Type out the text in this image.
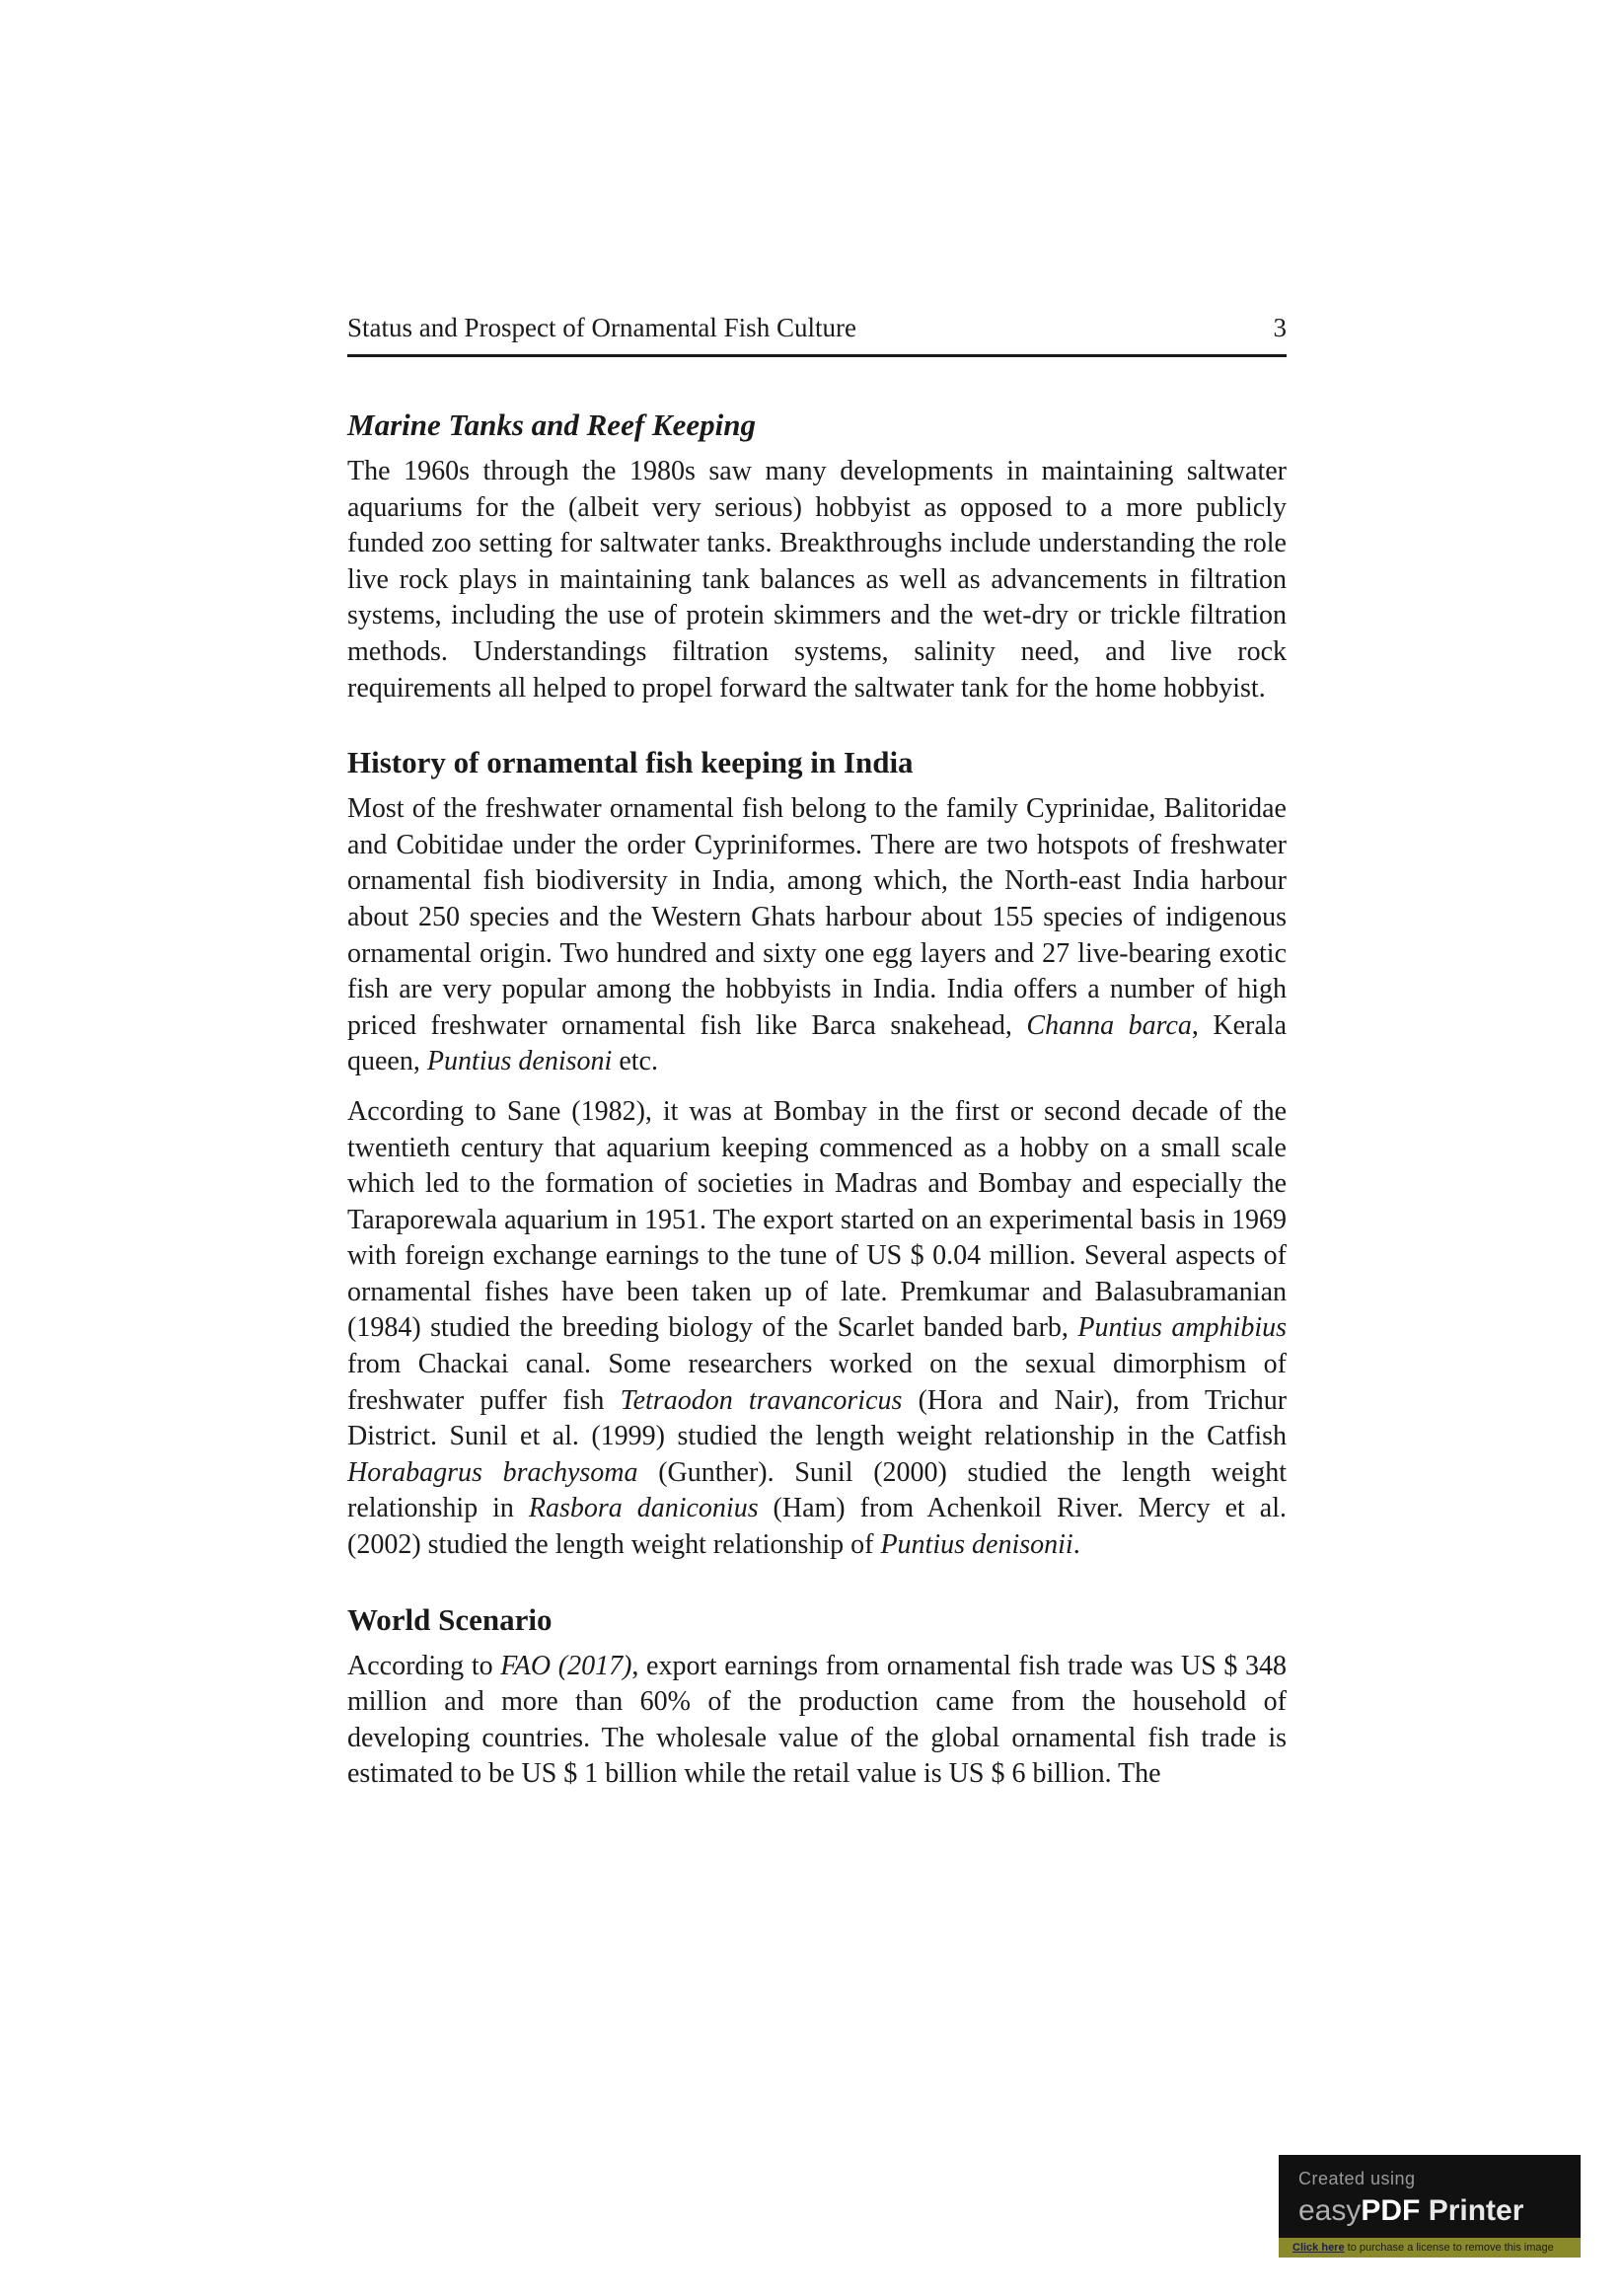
Status and Prospect of Ornamental Fish Culture	3
Marine Tanks and Reef Keeping

The 1960s through the 1980s saw many developments in maintaining saltwater aquariums for the (albeit very serious) hobbyist as opposed to a more publicly funded zoo setting for saltwater tanks. Breakthroughs include understanding the role live rock plays in maintaining tank balances as well as advancements in filtration systems, including the use of protein skimmers and the wet-dry or trickle filtration methods. Understandings filtration systems, salinity need, and live rock requirements all helped to propel forward the saltwater tank for the home hobbyist.

History of ornamental fish keeping in India

Most of the freshwater ornamental fish belong to the family Cyprinidae, Balitoridae and Cobitidae under the order Cypriniformes. There are two hotspots of freshwater ornamental fish biodiversity in India, among which, the North-east India harbour about 250 species and the Western Ghats harbour about 155 species of indigenous ornamental origin. Two hundred and sixty one egg layers and 27 live-bearing exotic fish are very popular among the hobbyists in India. India offers a number of high priced freshwater ornamental fish like Barca snakehead, Channa barca, Kerala queen, Puntius denisoni etc.

According to Sane (1982), it was at Bombay in the first or second decade of the twentieth century that aquarium keeping commenced as a hobby on a small scale which led to the formation of societies in Madras and Bombay and especially the Taraporewala aquarium in 1951. The export started on an experimental basis in 1969 with foreign exchange earnings to the tune of US $ 0.04 million. Several aspects of ornamental fishes have been taken up of late. Premkumar and Balasubramanian (1984) studied the breeding biology of the Scarlet banded barb, Puntius amphibius from Chackai canal. Some researchers worked on the sexual dimorphism of freshwater puffer fish Tetraodon travancoricus (Hora and Nair), from Trichur District. Sunil et al. (1999) studied the length weight relationship in the Catfish Horabagrus brachysoma (Gunther). Sunil (2000) studied the length weight relationship in Rasbora daniconius (Ham) from Achenkoil River. Mercy et al. (2002) studied the length weight relationship of Puntius denisonii.

World Scenario

According to FAO (2017), export earnings from ornamental fish trade was US $ 348 million and more than 60% of the production came from the household of developing countries. The wholesale value of the global ornamental fish trade is estimated to be US $ 1 billion while the retail value is US $ 6 billion. The

Created using
easyPDF Printer
Click here to purchase a license to remove this image
